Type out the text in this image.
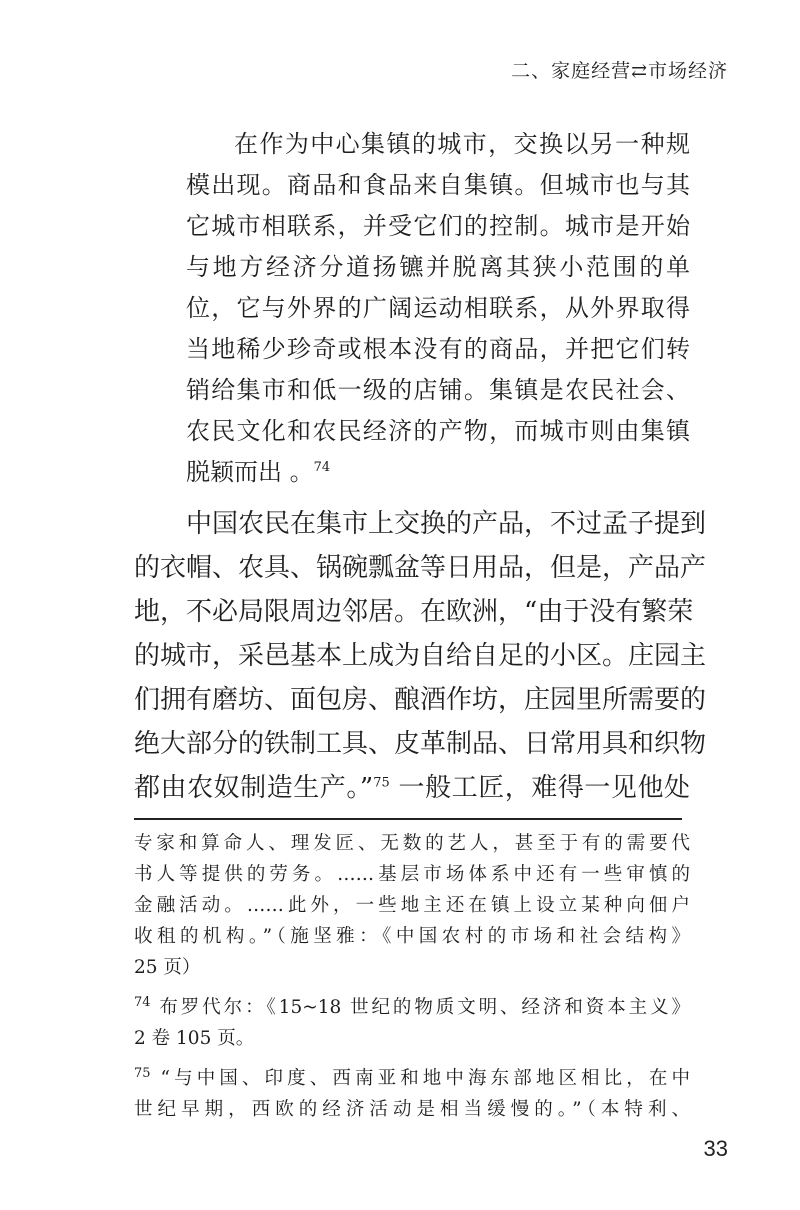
二、家庭经营⇄市场经济
在作为中心集镇的城市，交换以另一种规
模出现。商品和食品来自集镇。但城市也与其
它城市相联系，并受它们的控制。城市是开始
与地方经济分道扬镳并脱离其狭小范围的单
位，它与外界的广阔运动相联系，从外界取得
当地稀少珍奇或根本没有的商品，并把它们转
销给集市和低一级的店铺。集镇是农民社会、
农民文化和农民经济的产物，而城市则由集镇
脱颖而出 。$^{74}$
中国农民在集市上交换的产品，不过孟子提到
的衣帽、农具、锅碗瓢盆等日用品，但是，产品产
地，不必局限周边邻居。在欧洲，“由于没有繁荣
的城市，采邑基本上成为自给自足的小区。庄园主
们拥有磨坊、面包房、酿酒作坊，庄园里所需要的
绝大部分的铁制工具、皮革制品、日常用具和织物
都由农奴制造生产。”$^{75}$ 一般工匠，难得一见他处
专家和算命人、理发匠、无数的艺人，甚至于有的需要代
书人等提供的劳务。……基层市场体系中还有一些审慎的
金融活动。……此外，一些地主还在镇上设立某种向佃户
收租的机构。”（施坚雅：《中国农村的市场和社会结构》
25 页）
$^{74}$ 布罗代尔：《15~18 世纪的物质文明、经济和资本主义》
2 卷 105 页。
$^{75}$ “与中国、印度、西南亚和地中海东部地区相比，在中
世纪早期，西欧的经济活动是相当缓慢的。”（本特利、
33
